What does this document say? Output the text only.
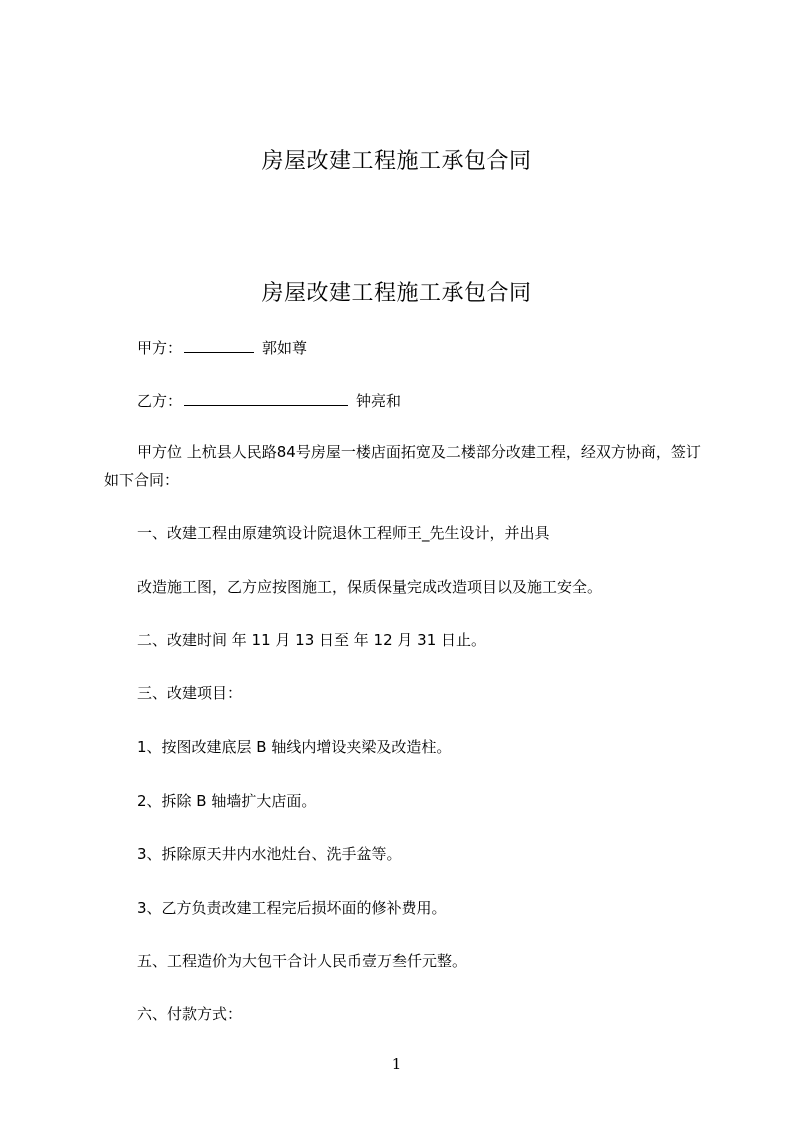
房屋改建工程施工承包合同
房屋改建工程施工承包合同
甲方：	郭如尊
乙方：	钟亮和
甲方位 上杭县人民路84号房屋一楼店面拓宽及二楼部分改建工程，经双方协商，签订如下合同：
一、改建工程由原建筑设计院退休工程师王_先生设计，并出具
改造施工图，乙方应按图施工，保质保量完成改造项目以及施工安全。
二、改建时间 年 11 月 13 日至 年 12 月 31 日止。
三、改建项目：
1、按图改建底层 B 轴线内增设夹梁及改造柱。
2、拆除 B 轴墙扩大店面。
3、拆除原天井内水池灶台、洗手盆等。
3、乙方负责改建工程完后损坏面的修补费用。
五、工程造价为大包干合计人民币壹万叁仟元整。
六、付款方式：
1
